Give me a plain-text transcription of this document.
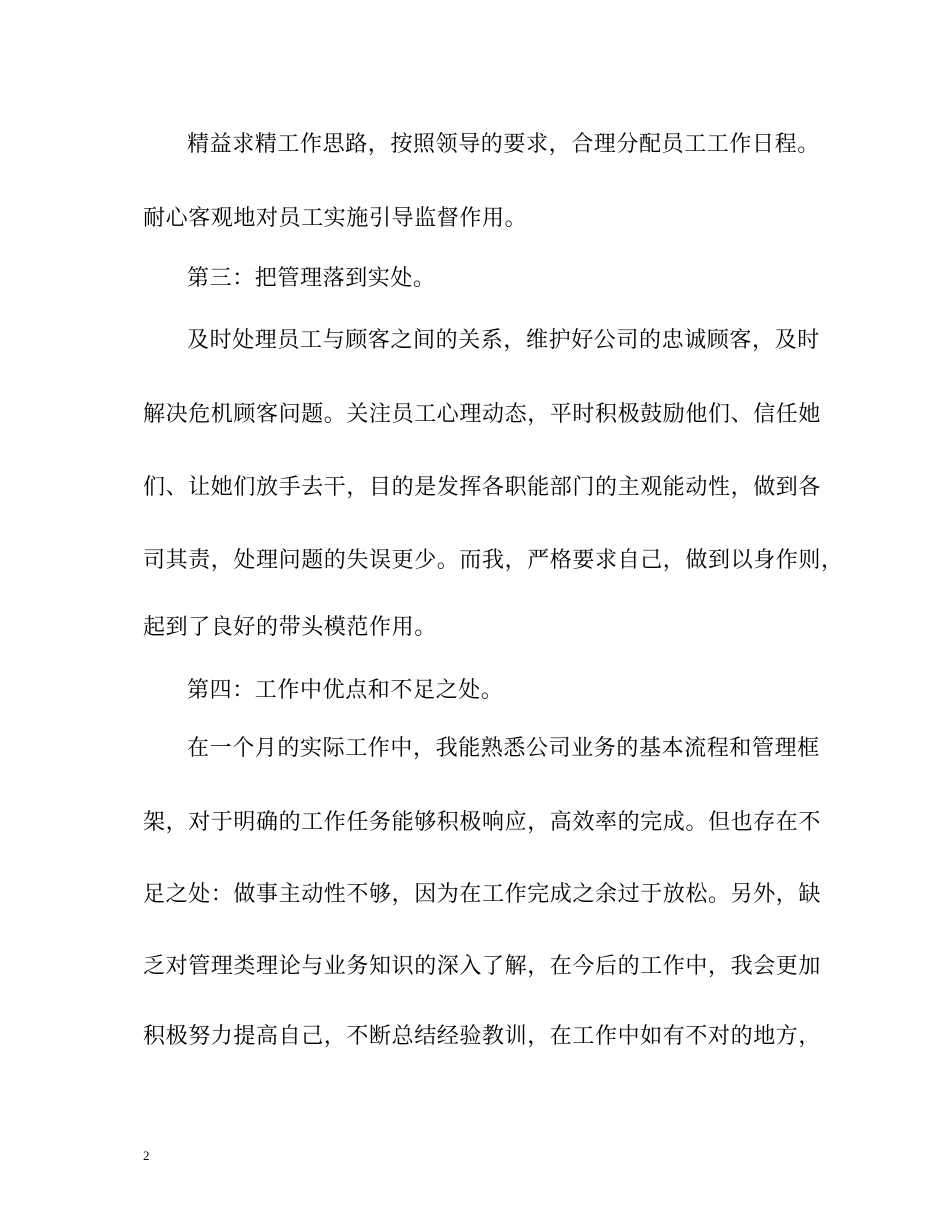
精益求精工作思路，按照领导的要求，合理分配员工工作日程。
耐心客观地对员工实施引导监督作用。
第三：把管理落到实处。
及时处理员工与顾客之间的关系，维护好公司的忠诚顾客，及时
解决危机顾客问题。关注员工心理动态，平时积极鼓励他们、信任她
们、让她们放手去干，目的是发挥各职能部门的主观能动性，做到各
司其责，处理问题的失误更少。而我，严格要求自己，做到以身作则，
起到了良好的带头模范作用。
第四：工作中优点和不足之处。
在一个月的实际工作中，我能熟悉公司业务的基本流程和管理框
架，对于明确的工作任务能够积极响应，高效率的完成。但也存在不
足之处：做事主动性不够，因为在工作完成之余过于放松。另外，缺
乏对管理类理论与业务知识的深入了解，在今后的工作中，我会更加
积极努力提高自己，不断总结经验教训，在工作中如有不对的地方，
2
